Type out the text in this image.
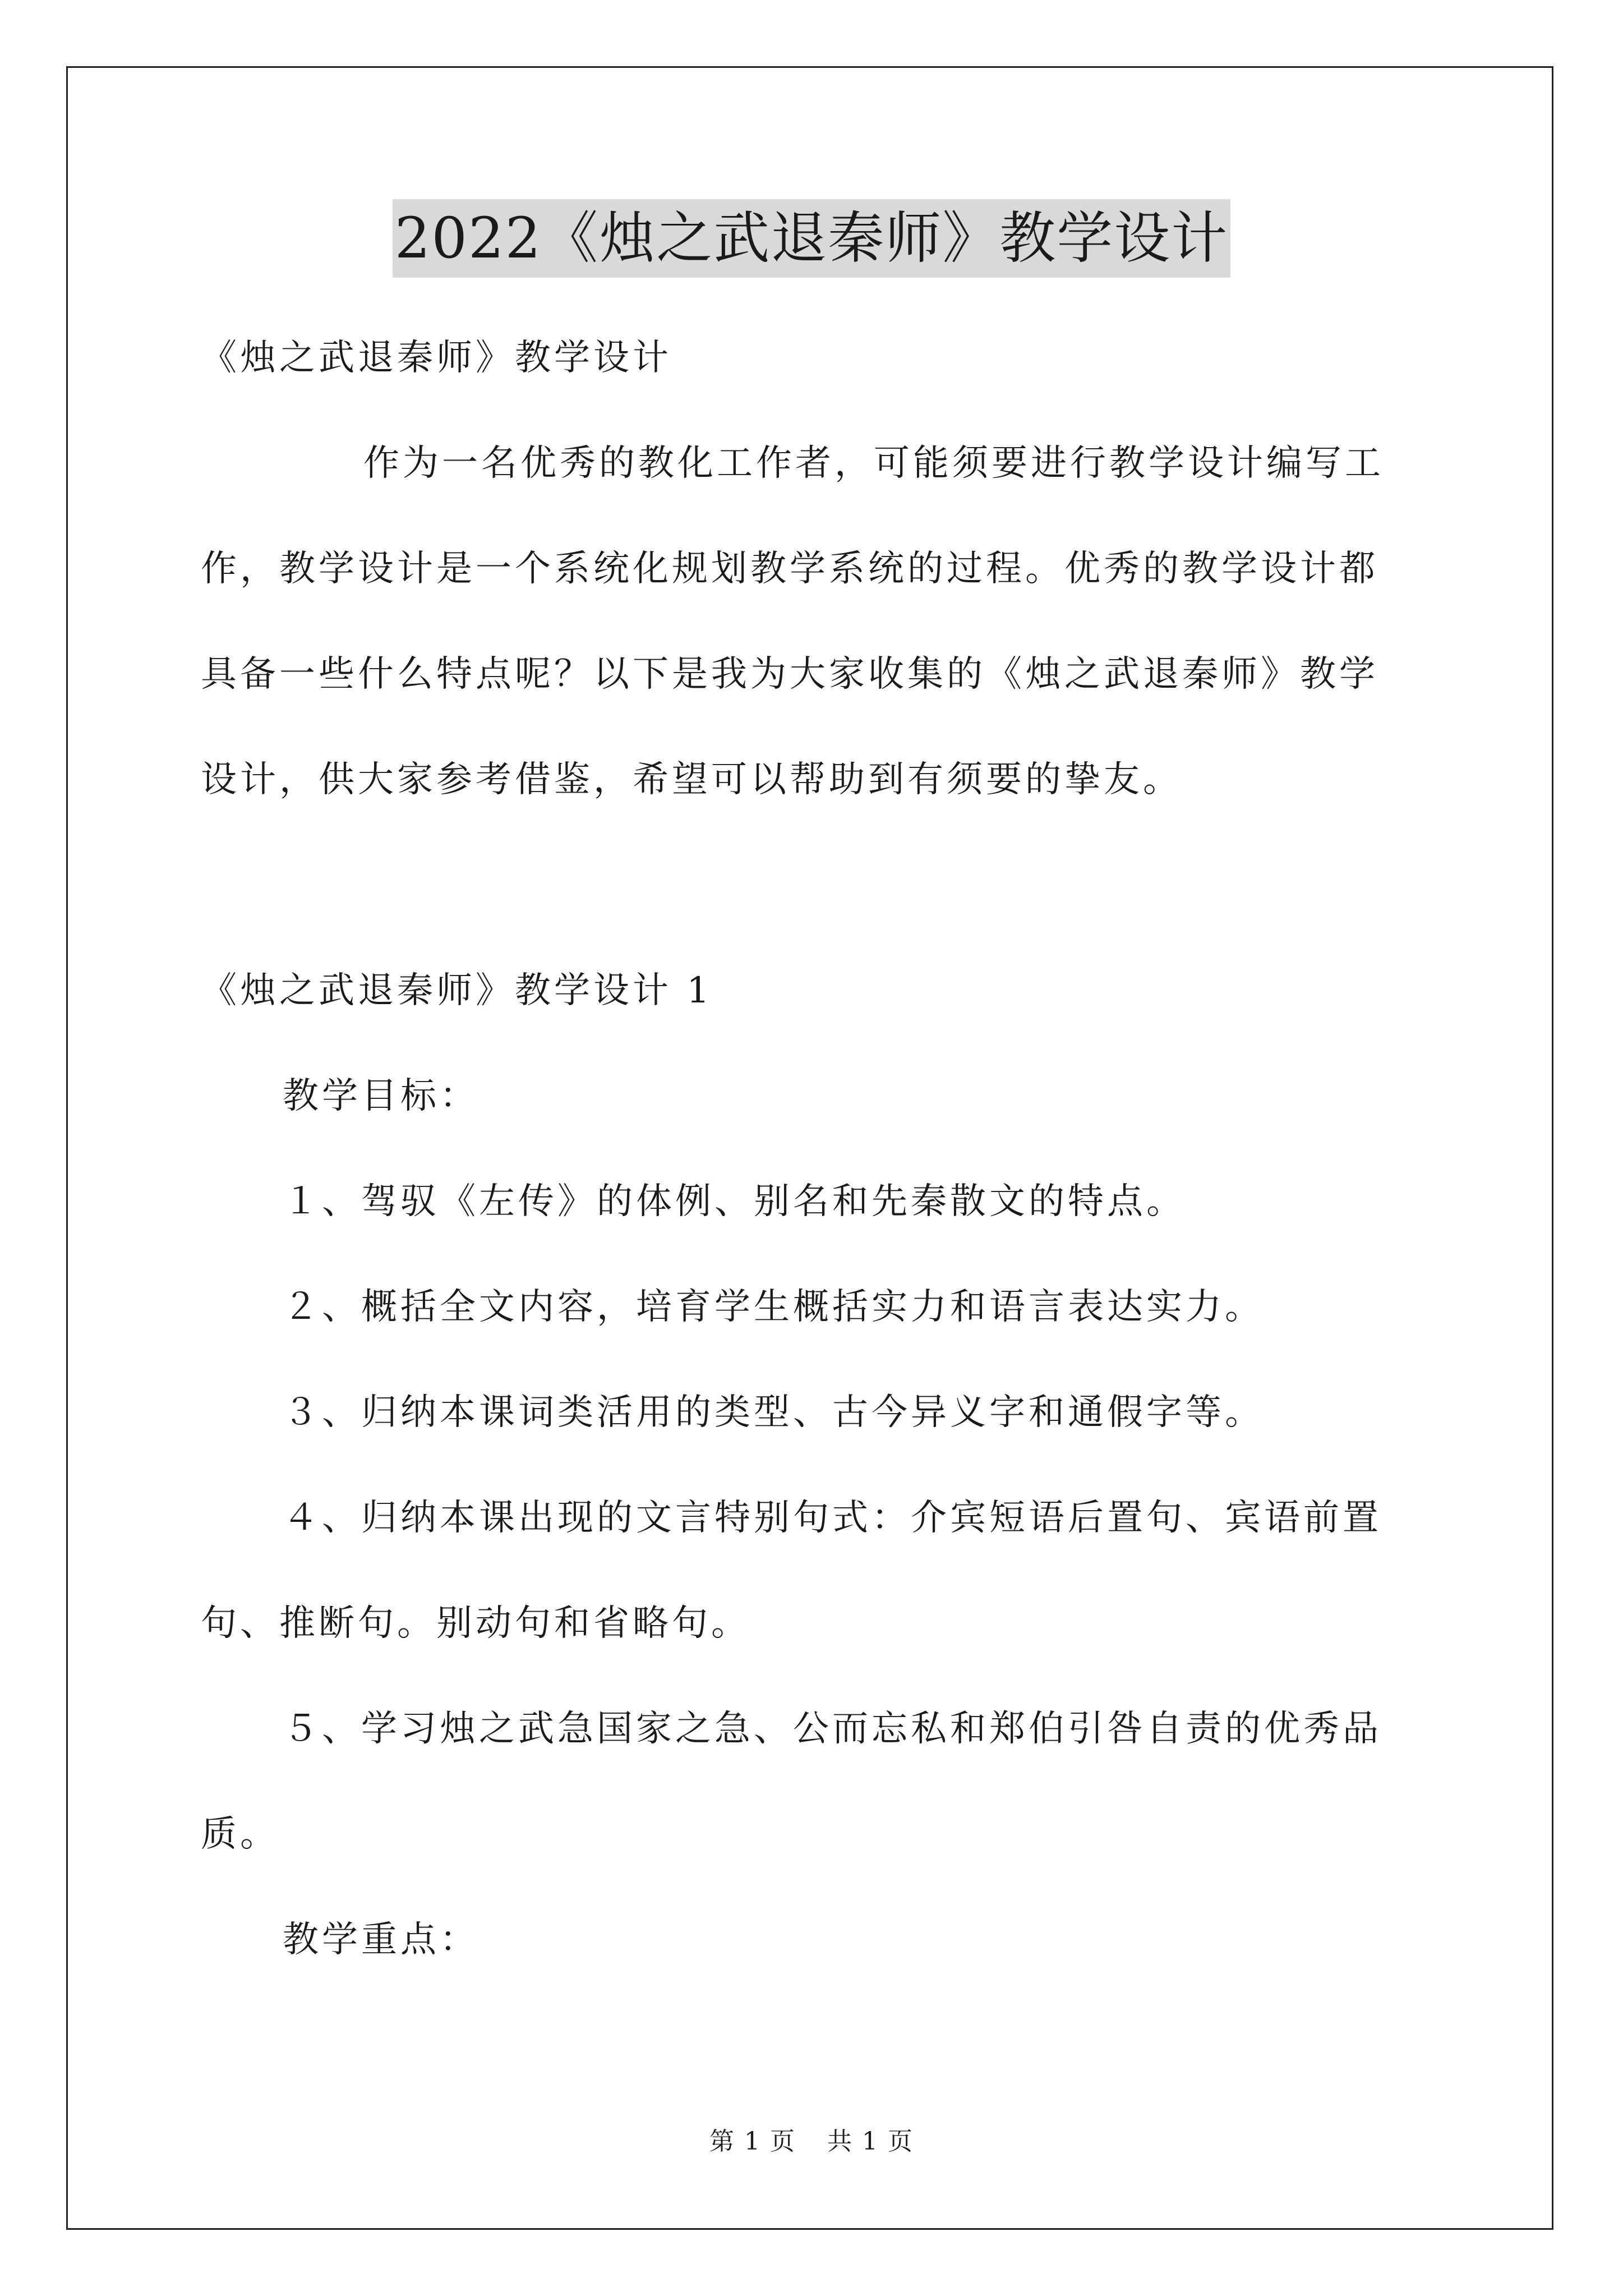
2022《烛之武退秦师》教学设计
《烛之武退秦师》教学设计
作为一名优秀的教化工作者，可能须要进行教学设计编写工
作，教学设计是一个系统化规划教学系统的过程。优秀的教学设计都
具备一些什么特点呢？以下是我为大家收集的《烛之武退秦师》教学
设计，供大家参考借鉴，希望可以帮助到有须要的挚友。
《烛之武退秦师》教学设计 1
教学目标：
１、驾驭《左传》的体例、别名和先秦散文的特点。
２、概括全文内容，培育学生概括实力和语言表达实力。
３、归纳本课词类活用的类型、古今异义字和通假字等。
４、归纳本课出现的文言特别句式：介宾短语后置句、宾语前置
句、推断句。别动句和省略句。
５、学习烛之武急国家之急、公而忘私和郑伯引咎自责的优秀品
质。
教学重点：
第 1 页 共 1 页
